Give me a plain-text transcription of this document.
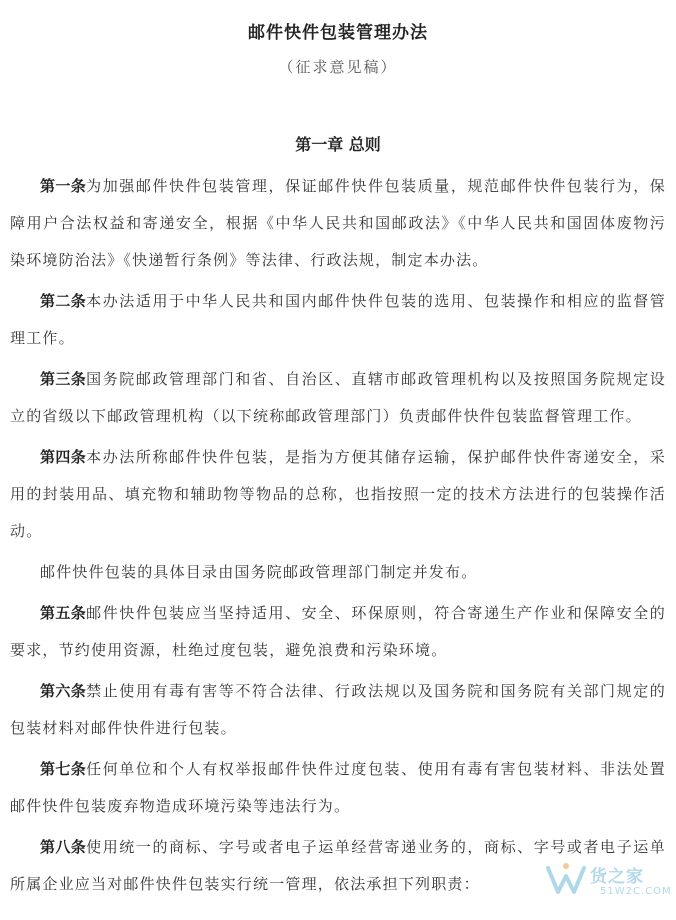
邮件快件包装管理办法
（征求意见稿）
第一章 总则

第一条为加强邮件快件包装管理，保证邮件快件包装质量，规范邮件快件包装行为，保障用户合法权益和寄递安全，根据《中华人民共和国邮政法》《中华人民共和国固体废物污染环境防治法》《快递暂行条例》等法律、行政法规，制定本办法。

第二条本办法适用于中华人民共和国内邮件快件包装的选用、包装操作和相应的监督管理工作。

第三条国务院邮政管理部门和省、自治区、直辖市邮政管理机构以及按照国务院规定设立的省级以下邮政管理机构（以下统称邮政管理部门）负责邮件快件包装监督管理工作。

第四条本办法所称邮件快件包装，是指为方便其储存运输，保护邮件快件寄递安全，采用的封装用品、填充物和辅助物等物品的总称，也指按照一定的技术方法进行的包装操作活动。

邮件快件包装的具体目录由国务院邮政管理部门制定并发布。

第五条邮件快件包装应当坚持适用、安全、环保原则，符合寄递生产作业和保障安全的要求，节约使用资源，杜绝过度包装，避免浪费和污染环境。

第六条禁止使用有毒有害等不符合法律、行政法规以及国务院和国务院有关部门规定的包装材料对邮件快件进行包装。

第七条任何单位和个人有权举报邮件快件过度包装、使用有毒有害包装材料、非法处置邮件快件包装废弃物造成环境污染等违法行为。

第八条使用统一的商标、字号或者电子运单经营寄递业务的，商标、字号或者电子运单所属企业应当对邮件快件包装实行统一管理，依法承担下列职责：	货之家
51W2C.COM
